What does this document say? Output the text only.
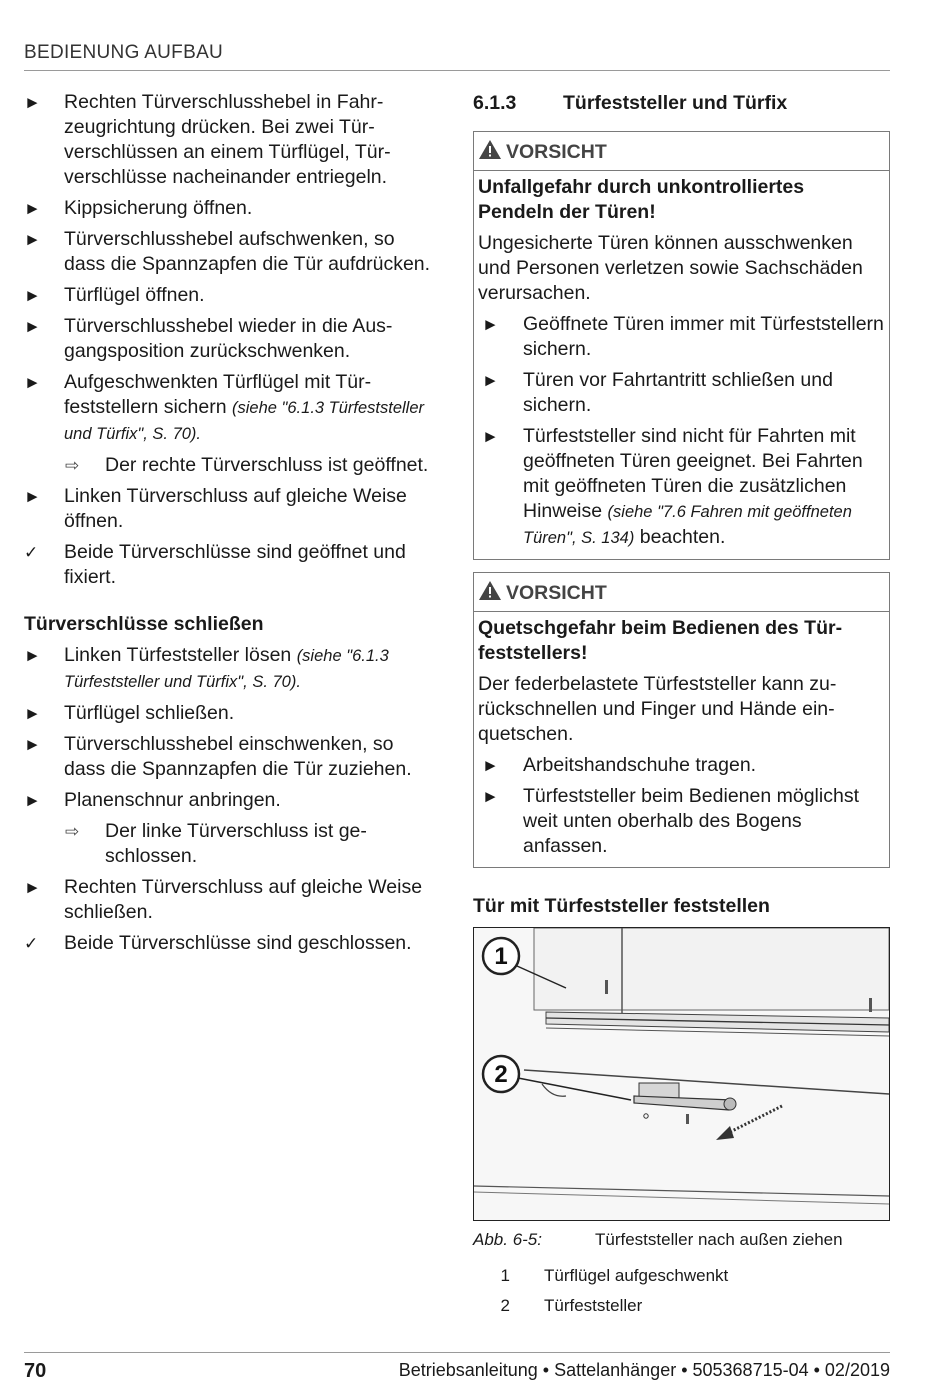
BEDIENUNG AUFBAU
► Rechten Türverschlusshebel in Fahrzeugrichtung drücken. Bei zwei Türverschlüssen an einem Türflügel, Türverschlüsse nacheinander entriegeln.
► Kippsicherung öffnen.
► Türverschlusshebel aufschwenken, so dass die Spannzapfen die Tür aufdrücken.
► Türflügel öffnen.
► Türverschlusshebel wieder in die Ausgangsposition zurückschwenken.
► Aufgeschwenkten Türflügel mit Türfeststellern sichern (siehe "6.1.3 Türfeststeller und Türfix", S. 70).
⇨ Der rechte Türverschluss ist geöffnet.
► Linken Türverschluss auf gleiche Weise öffnen.
✓ Beide Türverschlüsse sind geöffnet und fixiert.
Türverschlüsse schließen
► Linken Türfeststeller lösen (siehe "6.1.3 Türfeststeller und Türfix", S. 70).
► Türflügel schließen.
► Türverschlusshebel einschwenken, so dass die Spannzapfen die Tür zuziehen.
► Planenschnur anbringen.
⇨ Der linke Türverschluss ist geschlossen.
► Rechten Türverschluss auf gleiche Weise schließen.
✓ Beide Türverschlüsse sind geschlossen.
6.1.3 Türfeststeller und Türfix
VORSICHT
Unfallgefahr durch unkontrolliertes Pendeln der Türen!
Ungesicherte Türen können ausschwenken und Personen verletzen sowie Sachschäden verursachen.
► Geöffnete Türen immer mit Türfeststellern sichern.
► Türen vor Fahrtantritt schließen und sichern.
► Türfeststeller sind nicht für Fahrten mit geöffneten Türen geeignet. Bei Fahrten mit geöffneten Türen die zusätzlichen Hinweise (siehe "7.6 Fahren mit geöffneten Türen", S. 134) beachten.
VORSICHT
Quetschgefahr beim Bedienen des Türfeststellers!
Der federbelastete Türfeststeller kann zurückschnellen und Finger und Hände einquetschen.
► Arbeitshandschuhe tragen.
► Türfeststeller beim Bedienen möglichst weit unten oberhalb des Bogens anfassen.
Tür mit Türfeststeller feststellen
1
2
Abb. 6-5:	Türfeststeller nach außen ziehen
1 Türflügel aufgeschwenkt
2 Türfeststeller
70	Betriebsanleitung • Sattelanhänger • 505368715-04 • 02/2019
